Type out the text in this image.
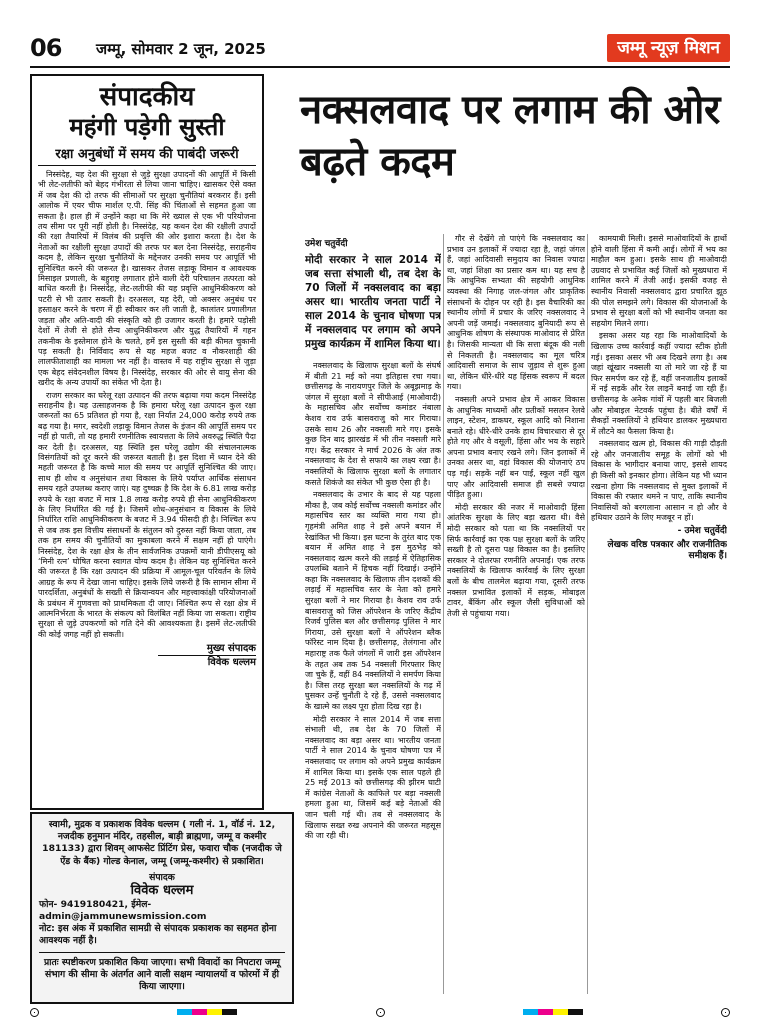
06 जम्मू, सोमवार 2 जून, 2025	जम्मू न्यूज़ मिशन
संपादकीय
महंगी पड़ेगी सुस्ती
रक्षा अनुबंधों में समय की पाबंदी जरूरी

निस्संदेह, यह देश की सुरक्षा से जुड़े सुरक्षा उपादनों की आपूर्ति में किसी भी लेट-लतीफी को बेहद गंभीरता से लिया जाना चाहिए। खासकर ऐसे वक्त में जब देश की दो तरफ की सीमाओं पर सुरक्षा चुनौतियां बरकरार हैं। इसी आलोक में एयर चीफ मार्शल ए.पी. सिंह की चिंताओं से सहमत हुआ जा सकता है। हाल ही में उन्होंने कहा था कि मेरे ख्याल से एक भी परियोजना तय सीमा पर पूरी नहीं होती है। निस्संदेह, यह कथन देश की रक्षीली उपादों की रक्षा तैयारियों में विलंब की प्रवृत्ति की ओर इशारा करता है। देश के नेताओं का रक्षीली सुरक्षा उपादों की तरफ पर बल देना निस्संदेह, सराहनीय कदम है, लेकिन सुरक्षा चुनौतियों के मद्देनजर उनकी समय पर आपूर्ति भी सुनिश्चित करने की जरूरत है। खासकर तेजस लड़ाकू विमान व आवश्यक मिसाइल प्रणाली, के बहुराष्ट्र लगातार होने वाली देरी परिचालन तत्परता को बाधित करती है। निस्संदेह, लेट-लतीफी की यह प्रवृत्ति आधुनिकीकरण को पटरी से भी उतार सकती है। दरअसल, यह देरी, जो अक्सर अनुबंध पर हस्ताक्षर करने के चरण में ही स्वीकार कर ली जाती है, कालांतर प्रणालीगत जड़ता और अति-वादी की संस्कृति को ही उजागर करती है। हमारे पड़ोसी देशों में तेजी से होते सैन्य आधुनिकीकरण और युद्ध तैयारियों में गहन तकनीक के इस्तेमाल होने के चलते, हमें इस सुस्ती की बड़ी कीमत चुकानी पड़ सकती है। निर्विवाद रूप से यह महज बजट व नौकरशाही की लालफीताशाही का मामला भर नहीं है। वास्तव में यह राष्ट्रीय सुरक्षा से जुड़ा एक बेहद संवेदनशील विषय है। निस्संदेह, सरकार की ओर से वायु सेना की खरीद के अन्य उपायों का संकेत भी देता है।

राजग सरकार का घरेलू रक्षा उत्पादन की तरफ बढ़ाया गया कदम निस्संदेह सराहनीय है। यह उत्साहजनक है कि हमारा घरेलू रक्षा उत्पादन कुल रक्षा जरूरतों का 65 प्रतिशत हो गया है, रक्षा निर्यात 24,000 करोड़ रुपये तक बढ़ गया है। मगर, स्वदेशी लड़ाकू विमान तेजस के इंजन की आपूर्ति समय पर नहीं हो पाती, तो यह हमारी रणनीतिक स्वायत्तता के लिये अवरुद्ध स्थिति पैदा कर देती है। दरअसल, यह स्थिति इस घरेलू उद्योग की संचालनात्मक विसंगतियों को दूर करने की जरूरत बताती है। इस दिशा में ध्यान देने की महती जरूरत है कि कच्चे माल की समय पर आपूर्ति सुनिश्चित की जाए। साथ ही शोध व अनुसंधान तथा विकास के लिये पर्याप्त आर्थिक संसाधन समय रहते उपलब्ध कराए जाएं। यह दुष्चक्र है कि देश के 6.81 लाख करोड़ रुपये के रक्षा बजट में मात्र 1.8 लाख करोड़ रुपये ही सेना आधुनिकीकरण के लिए निर्धारित की गई है। जिसमें शोध-अनुसंधान व विकास के लिये निर्धारित राशि आधुनिकीकरण के बजट में 3.94 फीसदी ही है। निश्चित रूप से जब तक इस वित्तीय संसाधनों के संतुलन को दुरुस्त नहीं किया जाता, तब तक हम समय की चुनौतियों का मुकाबला करने में सक्षम नहीं हो पाएंगे। निस्संदेह, देश के रक्षा क्षेत्र के तीन सार्वजनिक उपक्रमों यानी डीपीएसयू को ‘मिनी रत्न’ घोषित करना स्वागत योग्य कदम है। लेकिन यह सुनिश्चित करने की जरूरत है कि रक्षा उत्पादन की प्रक्रिया में आमूल-चूल परिवर्तन के लिये आग्रह के रूप में देखा जाना चाहिए। इसके लिये जरूरी है कि सामान सीमा में पारदर्शिता, अनुबंधों के सख्ती से क्रियान्वयन और महत्त्वाकांक्षी परियोजनाओं के प्रबंधन में गुणवत्ता को प्राथमिकता दी जाए। निश्चित रूप से रक्षा क्षेत्र में आत्मनिर्भरता के भारत के संकल्प को विलंबित नहीं किया जा सकता। राष्ट्रीय सुरक्षा से जुड़े उपकरणों को गति देने की आवश्यकता है। इसमें लेट-लतीफी की कोई जगह नहीं हो सकती।

मुख्य संपादक
विवेक धल्लम
नक्सलवाद पर लगाम की ओर बढ़ते कदम
उमेश चतुर्वेदी
मोदी सरकार ने साल 2014 में जब सत्ता संभाली थी, तब देश के 70 जिलों में नक्सलवाद का बड़ा असर था। भारतीय जनता पार्टी ने साल 2014 के चुनाव घोषणा पत्र में नक्सलवाद पर लगाम को अपने प्रमुख कार्यक्रम में शामिल किया था।

नक्सलवाद के खिलाफ सुरक्षा बलों के संघर्ष में बीती 21 मई को नया इतिहास रचा गया। छत्तीसगढ़ के नारायणपुर जिले के अबूझमाड़ के जंगल में सुरक्षा बलों ने सीपीआई (माओवादी) के महासचिव और सर्वोच्च कमांडर नंबाला केशव राव उर्फ बासवराजु को मार गिराया। उसके साथ 26 और नक्सली मारे गए। इसके कुछ दिन बाद झारखंड में भी तीन नक्सली मारे गए। केंद्र सरकार ने मार्च 2026 के अंत तक नक्सलवाद के देश से सफाये का लक्ष्य रखा है। नक्सलियों के खिलाफ सुरक्षा बलों के लगातार कसते शिकंजे का संकेत भी कुछ ऐसा ही है।

नक्सलवाद के उभार के बाद से यह पहला मौका है, जब कोई सर्वोच्च नक्सली कमांडर और महासचिव स्तर का व्यक्ति मारा गया हो। गृहमंत्री अमित शाह ने इसे अपने बयान में रेखांकित भी किया। इस घटना के तुरंत बाद एक बयान में अमित शाह ने इस मुठभेड़ को नक्सलवाद खत्म करने की लड़ाई में ऐतिहासिक उपलब्धि बताने में हिचक नहीं दिखाई। उन्होंने कहा कि नक्सलवाद के खिलाफ तीन दशकों की लड़ाई में महासचिव स्तर के नेता को हमारे सुरक्षा बलों ने मार गिराया है। केशव राव उर्फ बासवराजु को जिस ऑपरेशन के जरिए केंद्रीय रिजर्व पुलिस बल और छत्तीसगढ़ पुलिस ने मार गिराया, उसे सुरक्षा बलों ने ऑपरेशन ब्लैक फॉरेस्ट नाम दिया है। छत्तीसगढ़, तेलंगाना और महाराष्ट्र तक फैले जंगलों में जारी इस ऑपरेशन के तहत अब तक 54 नक्सली गिरफ्तार किए जा चुके हैं, वहीं 84 नक्सलियों ने समर्पण किया है। जिस तरह सुरक्षा बल नक्सलियों के गढ़ में घुसकर उन्हें चुनौती दे रहे हैं, उससे नक्सलवाद के खात्मे का लक्ष्य पूरा होता दिख रहा है।

मोदी सरकार ने साल 2014 में जब सत्ता संभाली थी, तब देश के 70 जिलों में नक्सलवाद का बड़ा असर था। भारतीय जनता पार्टी ने साल 2014 के चुनाव घोषणा पत्र में नक्सलवाद पर लगाम को अपने प्रमुख कार्यक्रम में शामिल किया था। इसके एक साल पहले ही 25 मई 2013 को छत्तीसगढ़ की झीरम घाटी में कांग्रेस नेताओं के काफिले पर बड़ा नक्सली हमला हुआ था, जिसमें कई बड़े नेताओं की जान चली गई थी। तब से नक्सलवाद के खिलाफ सख्त रुख अपनाने की जरूरत महसूस की जा रही थी।

गौर से देखेंगे तो पाएंगे कि नक्सलवाद का प्रभाव उन इलाकों में ज्यादा रहा है, जहां जंगल हैं, जहां आदिवासी समुदाय का निवास ज्यादा था, जहां शिक्षा का प्रसार कम था। यह सच है कि आधुनिक सभ्यता की सहयोगी आधुनिक व्यवस्था की निगाह जल-जंगल और प्राकृतिक संसाधनों के दोहन पर रही है। इस वैचारिकी का स्थानीय लोगों में प्रचार के जरिए नक्सलवाद ने अपनी जड़ें जमाईं। नक्सलवाद बुनियादी रूप से आधुनिक शोषण के संस्थापक माओवाद से प्रेरित है। जिसकी मान्यता थी कि सत्ता बंदूक की नली से निकलती है। नक्सलवाद का मूल चरित्र आदिवासी समाज के साथ जुड़ाव से शुरू हुआ था, लेकिन धीरे-धीरे यह हिंसक स्वरूप में बदल गया।

नक्सली अपने प्रभाव क्षेत्र में आकर विकास के आधुनिक माध्यमों और प्रतीकों मसलन रेलवे लाइन, स्टेशन, डाकघर, स्कूल आदि को निशाना बनाते रहे। धीरे-धीरे उनके हाथ विचारधारा से दूर होते गए और वे वसूली, हिंसा और भय के सहारे अपना प्रभाव बनाए रखने लगे। जिन इलाकों में उनका असर था, वहां विकास की योजनाएं ठप पड़ गईं। सड़कें नहीं बन पाईं, स्कूल नहीं खुल पाए और आदिवासी समाज ही सबसे ज्यादा पीड़ित हुआ।

मोदी सरकार की नजर में माओवादी हिंसा आंतरिक सुरक्षा के लिए बड़ा खतरा थी। वैसे मोदी सरकार को पता था कि नक्सलियों पर सिर्फ कार्रवाई का एक पक्ष सुरक्षा बलों के जरिए सख्ती है तो दूसरा पक्ष विकास का है। इसलिए सरकार ने दोतरफा रणनीति अपनाई। एक तरफ नक्सलियों के खिलाफ कार्रवाई के लिए सुरक्षा बलों के बीच तालमेल बढ़ाया गया, दूसरी तरफ नक्सल प्रभावित इलाकों में सड़क, मोबाइल टावर, बैंकिंग और स्कूल जैसी सुविधाओं को तेजी से पहुंचाया गया।

कामयाबी मिली। इससे माओवादियों के हाथों होने वाली हिंसा में कमी आई। लोगों में भय का माहौल कम हुआ। इसके साथ ही माओवादी उग्रवाद से प्रभावित कई जिलों को मुख्यधारा में शामिल करने में तेजी आई। इसकी वजह से स्थानीय निवासी नक्सलवाद द्वारा प्रचारित झूठ की पोल समझने लगे। विकास की योजनाओं के प्रभाव से सुरक्षा बलों को भी स्थानीय जनता का सहयोग मिलने लगा।

इसका असर यह रहा कि माओवादियों के खिलाफ उच्च कार्रवाई कहीं ज्यादा स्टीक होती गई। इसका असर भी अब दिखने लगा है। अब जहां खूंखार नक्सली या तो मारे जा रहे हैं या फिर समर्पण कर रहे हैं, वहीं जनजातीय इलाकों में नई सड़कें और रेल लाइनें बनाई जा रही हैं। छत्तीसगढ़ के अनेक गांवों में पहली बार बिजली और मोबाइल नेटवर्क पहुंचा है। बीते वर्षों में सैकड़ों नक्सलियों ने हथियार डालकर मुख्यधारा में लौटने का फैसला किया है।

नक्सलवाद खत्म हो, विकास की गाड़ी दौड़ती रहे और जनजातीय समूह के लोगों को भी विकास के भागीदार बनाया जाए, इससे शायद ही किसी को इनकार होगा। लेकिन यह भी ध्यान रखना होगा कि नक्सलवाद से मुक्त इलाकों में विकास की रफ्तार थमने न पाए, ताकि स्थानीय निवासियों को बरगलाना आसान न हो और वे हथियार उठाने के लिए मजबूर न हों।

- उमेश चतुर्वेदी
लेखक वरिष्ठ पत्रकार और राजनीतिक समीक्षक हैं।

स्वामी, मुद्रक व प्रकाशक विवेक धल्लम ( गली नं. 1, वॉर्ड नं. 12, नजदीक हनुमान मंदिर, तहसील, बाड़ी ब्राह्मणा, जम्मू व कश्मीर 181133) द्वारा शिवम् आफसेट प्रिंटिंग प्रेस, फवारा चौक (नजदीक जे ऐंड के बैंक) गोल्ड केनाल, जम्मू (जम्मू-कश्मीर) से प्रकाशित।

संपादक
विवेक धल्लम

फोन- 9419180421, ईमेल- admin@jammunewsmission.com

नोट: इस अंक में प्रकाशित सामग्री से संपादक प्रकाशक का सहमत होना आवश्यक नहीं है।

प्रातः स्पष्टीकरण प्रकाशित किया जाएगा। सभी विवादों का निपटारा जम्मू संभाग की सीमा के अंतर्गत आने वाली सक्षम न्यायालयों व फोरमों में ही किया जाएगा।
